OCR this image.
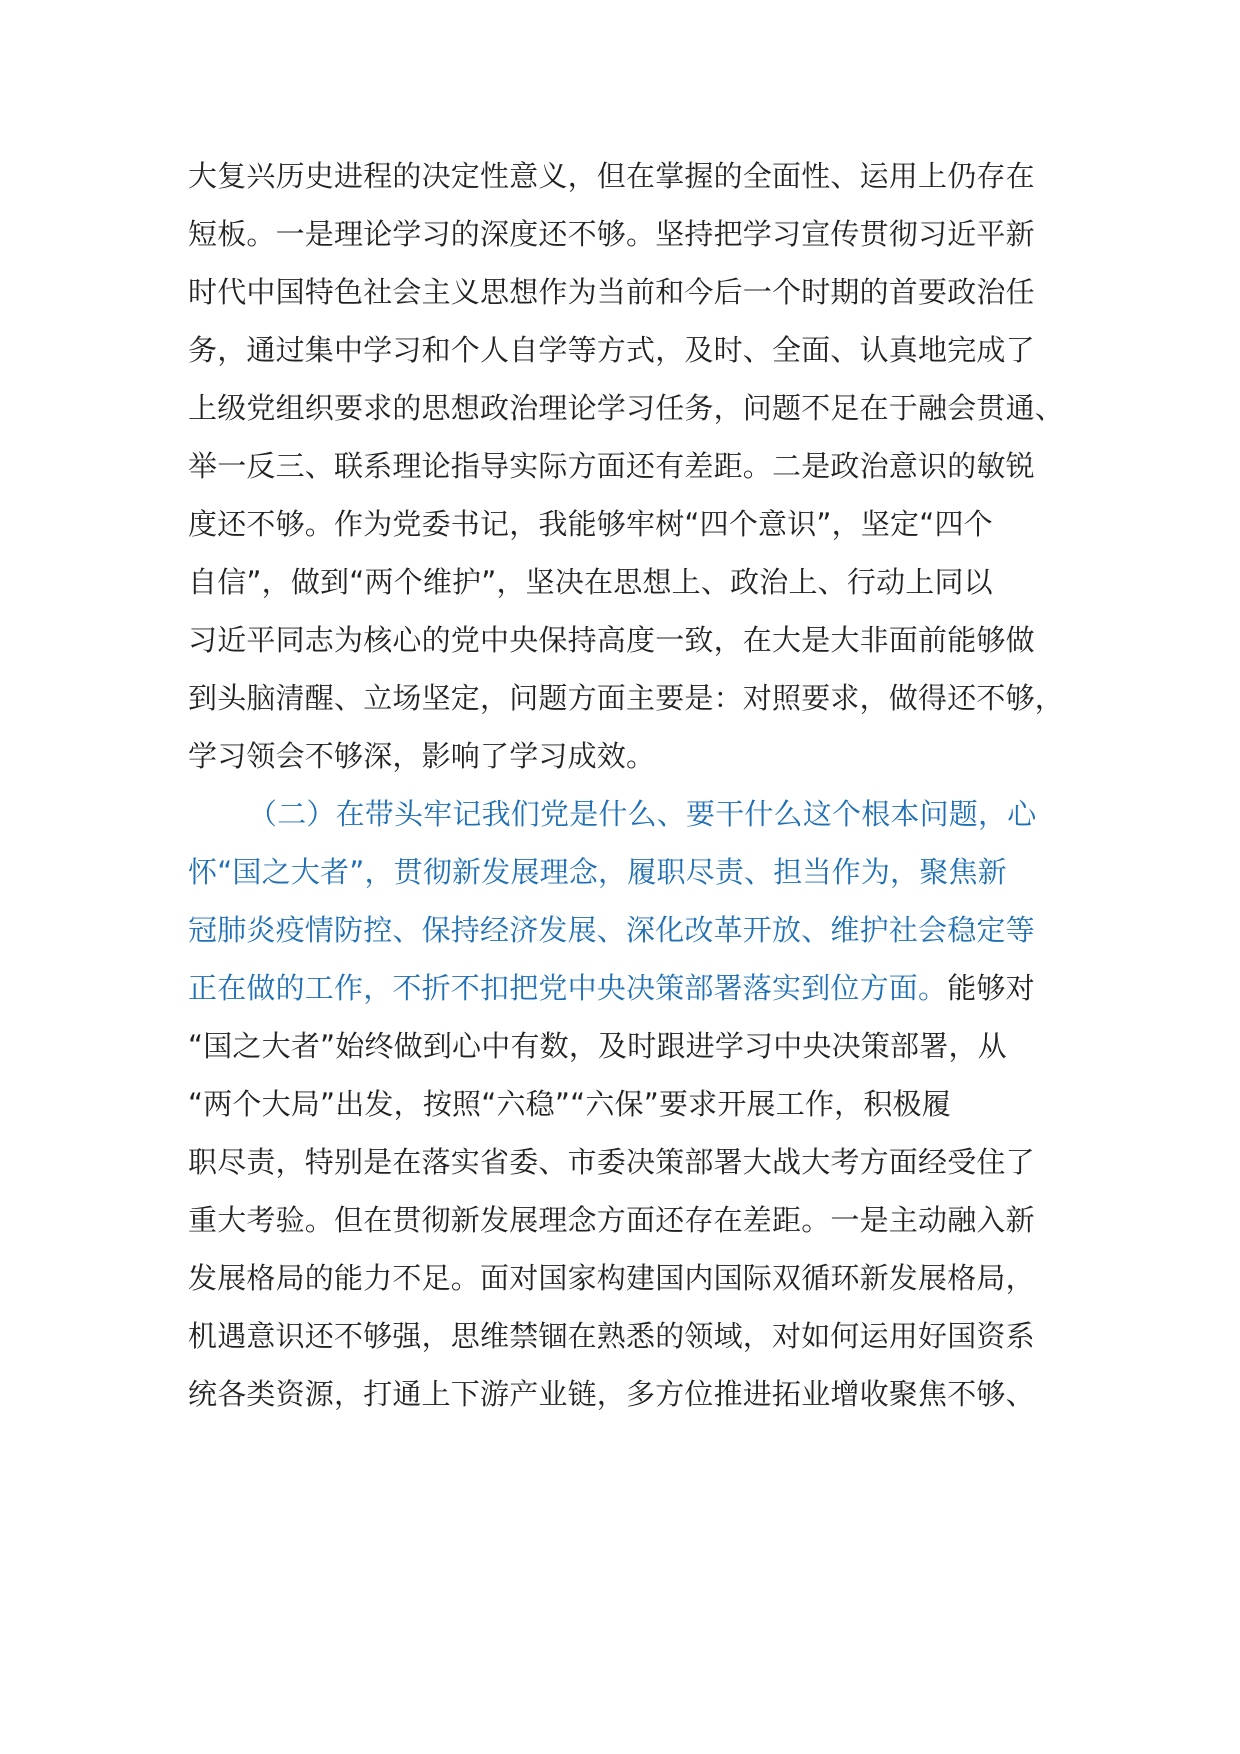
大复兴历史进程的决定性意义，但在掌握的全面性、运用上仍存在
短板。一是理论学习的深度还不够。坚持把学习宣传贯彻习近平新
时代中国特色社会主义思想作为当前和今后一个时期的首要政治任
务，通过集中学习和个人自学等方式，及时、全面、认真地完成了
上级党组织要求的思想政治理论学习任务，问题不足在于融会贯通、
举一反三、联系理论指导实际方面还有差距。二是政治意识的敏锐
度还不够。作为党委书记，我能够牢树“四个意识”，坚定“四个
自信”，做到“两个维护”，坚决在思想上、政治上、行动上同以
习近平同志为核心的党中央保持高度一致，在大是大非面前能够做
到头脑清醒、立场坚定，问题方面主要是：对照要求，做得还不够，
学习领会不够深，影响了学习成效。
（二）在带头牢记我们党是什么、要干什么这个根本问题，心
怀“国之大者”，贯彻新发展理念，履职尽责、担当作为，聚焦新
冠肺炎疫情防控、保持经济发展、深化改革开放、维护社会稳定等
正在做的工作，不折不扣把党中央决策部署落实到位方面。能够对
“国之大者”始终做到心中有数，及时跟进学习中央决策部署，从
“两个大局”出发，按照“六稳”“六保”要求开展工作，积极履
职尽责，特别是在落实省委、市委决策部署大战大考方面经受住了
重大考验。但在贯彻新发展理念方面还存在差距。一是主动融入新
发展格局的能力不足。面对国家构建国内国际双循环新发展格局，
机遇意识还不够强，思维禁锢在熟悉的领域，对如何运用好国资系
统各类资源，打通上下游产业链，多方位推进拓业增收聚焦不够、
